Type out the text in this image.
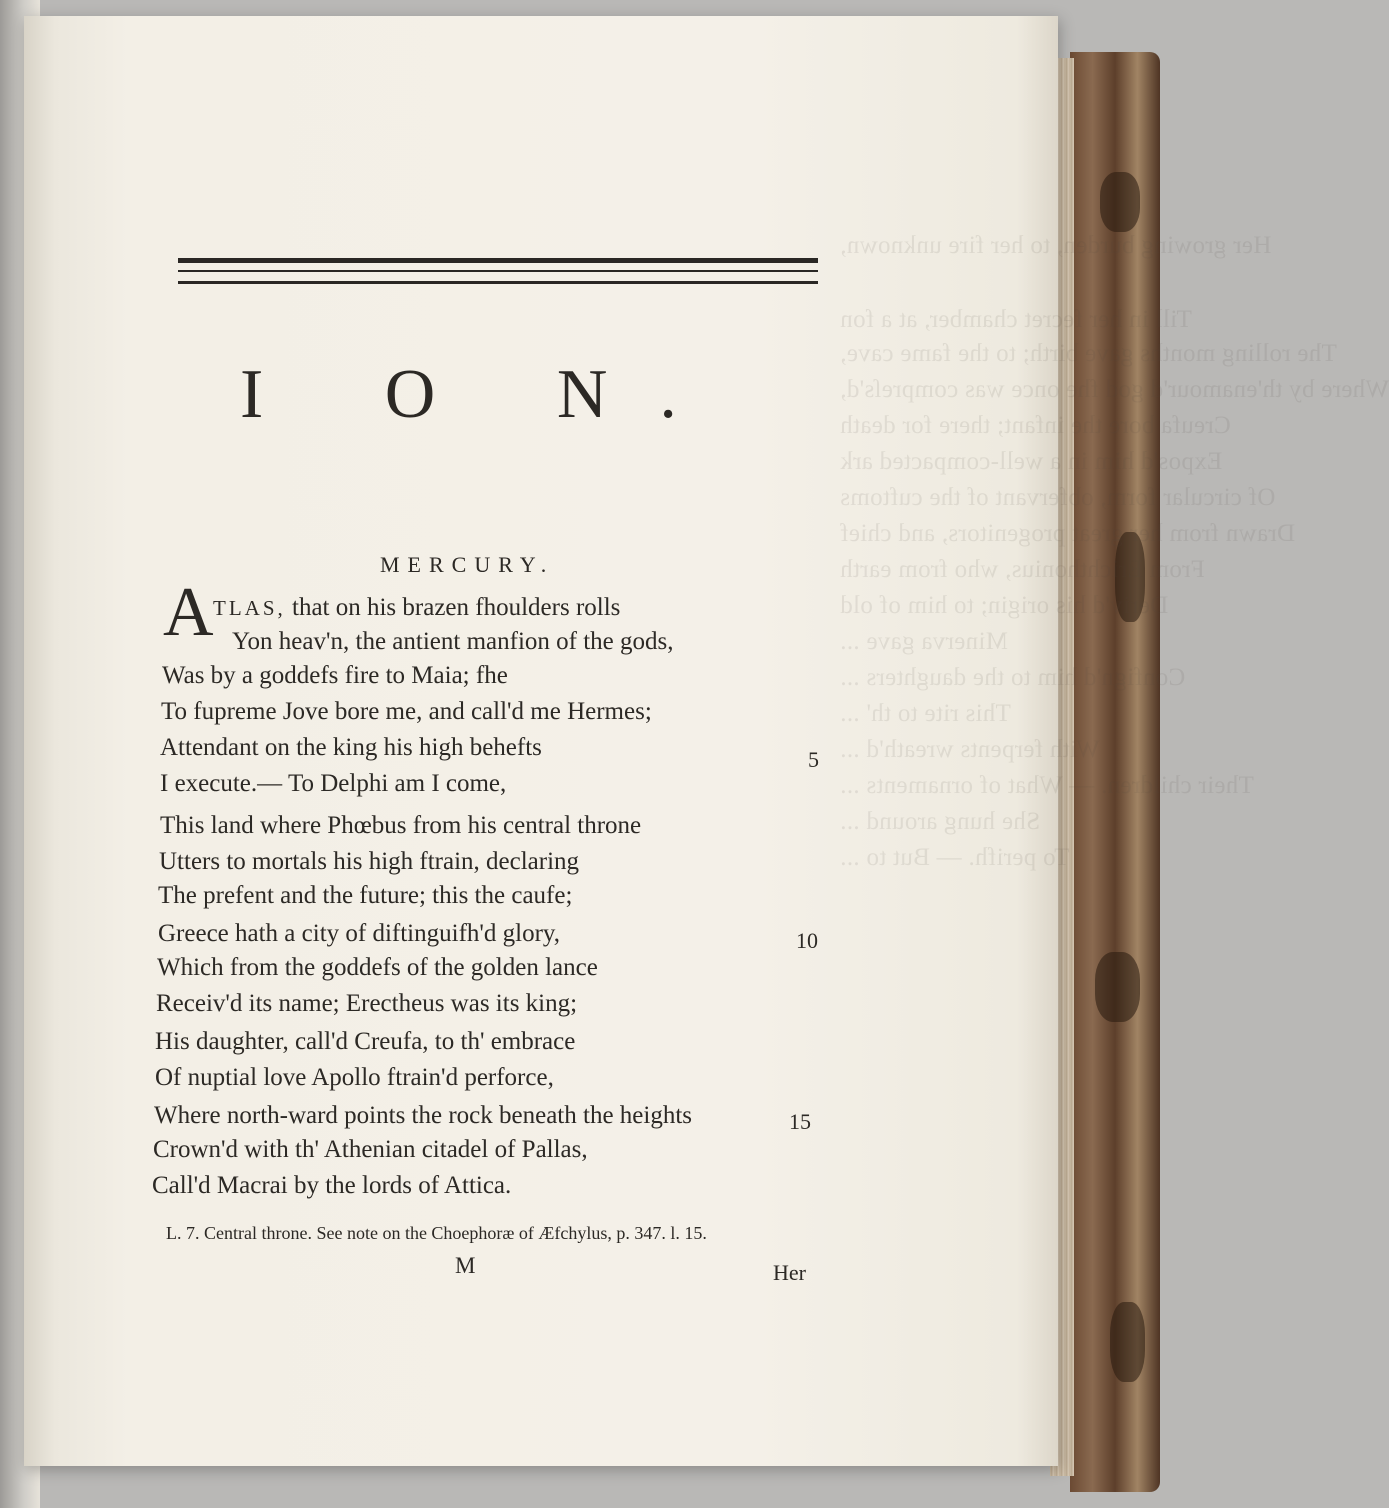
Her growing burden, to her fire unknown,
Till in her fecret chamber, at a fon
The rolling months gave birth; to the fame cave,
Where by th'enamour'd god fhe once was compreſs'd,
Creufa bore the infant; there for death
Expos'd him in a well-compacted ark
Of circular form, obfervant of the cuftoms
Drawn from her great progenitors, and chief
From Erichthonius, who from earth
Deriv'd his origin; to him of old
Minerva gave ...
Confign'd him to the daughters ...
This rite to th' ...
With ferpents wreath'd ...
Their children. — What of ornaments ...
She hung around ...
To perifh. — But to ...
I O N.
MERCURY.
A TLAS, that on his brazen fhoulders rolls
Yon heav'n, the antient manfion of the gods,
Was by a goddefs fire to Maia; fhe
To fupreme Jove bore me, and call'd me Hermes;
Attendant on the king his high behefts
I execute.— To Delphi am I come,
This land where Phœbus from his central throne
Utters to mortals his high ftrain, declaring
The prefent and the future; this the caufe;
Greece hath a city of diftinguifh'd glory,
Which from the goddefs of the golden lance
Receiv'd its name; Erecthеus was its king;
His daughter, call'd Creufa, to th' embrace
Of nuptial love Apollo ftrain'd perforce,
Where north-ward points the rock beneath the heights
Crown'd with th' Athenian citadel of Pallas,
Call'd Macrai by the lords of Attica.
5
10
15
L. 7. Central throne. See note on the Choephoræ of Æfchylus, p. 347. l. 15.
M	Her
